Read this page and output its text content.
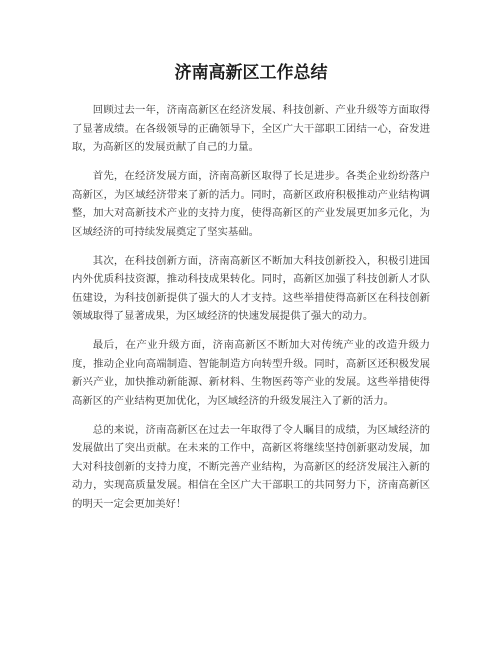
济南高新区工作总结

回顾过去一年，济南高新区在经济发展、科技创新、产业升级等方面取得了显著成绩。在各级领导的正确领导下，全区广大干部职工团结一心，奋发进取，为高新区的发展贡献了自己的力量。

首先，在经济发展方面，济南高新区取得了长足进步。各类企业纷纷落户高新区，为区域经济带来了新的活力。同时，高新区政府积极推动产业结构调整，加大对高新技术产业的支持力度，使得高新区的产业发展更加多元化，为区域经济的可持续发展奠定了坚实基础。

其次，在科技创新方面，济南高新区不断加大科技创新投入，积极引进国内外优质科技资源，推动科技成果转化。同时，高新区加强了科技创新人才队伍建设，为科技创新提供了强大的人才支持。这些举措使得高新区在科技创新领域取得了显著成果，为区域经济的快速发展提供了强大的动力。

最后，在产业升级方面，济南高新区不断加大对传统产业的改造升级力度，推动企业向高端制造、智能制造方向转型升级。同时，高新区还积极发展新兴产业，加快推动新能源、新材料、生物医药等产业的发展。这些举措使得高新区的产业结构更加优化，为区域经济的升级发展注入了新的活力。

总的来说，济南高新区在过去一年取得了令人瞩目的成绩，为区域经济的发展做出了突出贡献。在未来的工作中，高新区将继续坚持创新驱动发展，加大对科技创新的支持力度，不断完善产业结构，为高新区的经济发展注入新的动力，实现高质量发展。相信在全区广大干部职工的共同努力下，济南高新区的明天一定会更加美好！
